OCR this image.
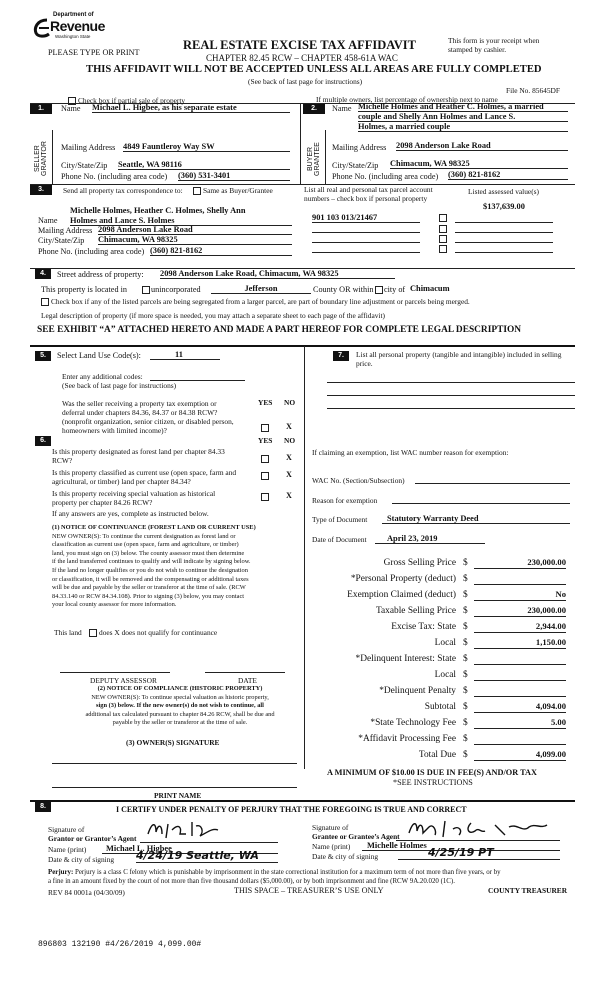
Department of
Revenue
Washington State
PLEASE TYPE OR PRINT
REAL ESTATE EXCISE TAX AFFIDAVIT
CHAPTER 82.45 RCW – CHAPTER 458-61A WAC
This form is your receipt when stamped by cashier.
THIS AFFIDAVIT WILL NOT BE ACCEPTED UNLESS ALL AREAS ARE FULLY COMPLETED
(See back of last page for instructions)
File No. 85645DF
Check box if partial sale of property	If multiple owners, list percentage of ownership next to name
1.
SELLER GRANTOR
Name Michael L. Higbee, as his separate estate
Mailing Address 4849 Fauntleroy Way SW
City/State/Zip Seattle, WA 98116
Phone No. (including area code) (360) 531-3401
2.
BUYER GRANTEE
Name Michelle Holmes and Heather C. Holmes, a married
couple and Shelly Ann Holmes and Lance S.
Holmes, a married couple
Mailing Address 2098 Anderson Lake Road
City/State/Zip Chimacum, WA 98325
Phone No. (including area code) (360) 821-8162
3.	Send all property tax correspondence to:	Same as Buyer/Grantee
Michelle Holmes, Heather C. Holmes, Shelly Ann
Name Holmes and Lance S. Holmes
Mailing Address 2098 Anderson Lake Road
City/State/Zip Chimacum, WA 98325
Phone No. (including area code) (360) 821-8162
List all real and personal tax parcel account numbers – check box if personal property
Listed assessed value(s)
$137,639.00
901 103 013/21467
4.	Street address of property: 2098 Anderson Lake Road, Chimacum, WA 98325
This property is located in	unincorporated	Jefferson	County OR within city of Chimacum
Check box if any of the listed parcels are being segregated from a larger parcel, are part of boundary line adjustment or parcels being merged.
Legal description of property (if more space is needed, you may attach a separate sheet to each page of the affidavit)
SEE EXHIBIT “A” ATTACHED HERETO AND MADE A PART HEREOF FOR COMPLETE LEGAL DESCRIPTION
5.	Select Land Use Code(s):	11
Enter any additional codes:
(See back of last page for instructions)
YES NO
Was the seller receiving a property tax exemption or
deferral under chapters 84.36, 84.37 or 84.38 RCW?
(nonprofit organization, senior citizen, or disabled person,
homeowners with limited income)?	X
6.	YES NO
Is this property designated as forest land per chapter 84.33
RCW?	X
Is this property classified as current use (open space, farm and
agricultural, or timber) land per chapter 84.34?
X
Is this property receiving special valuation as historical
property per chapter 84.26 RCW?
X
If any answers are yes, complete as instructed below.
(1) NOTICE OF CONTINUANCE (FOREST LAND OR CURRENT USE)
NEW OWNER(S): To continue the current designation as forest land or
classification as current use (open space, farm and agriculture, or timber)
land, you must sign on (3) below. The county assessor must then determine
if the land transferred continues to qualify and will indicate by signing below.
If the land no longer qualifies or you do not wish to continue the designation
or classification, it will be removed and the compensating or additional taxes
will be due and payable by the seller or transferor at the time of sale. (RCW
84.33.140 or RCW 84.34.108). Prior to signing (3) below, you may contact
your local county assessor for more information.
This land does X does not qualify for continuance
DEPUTY ASSESSOR	DATE
(2) NOTICE OF COMPLIANCE (HISTORIC PROPERTY)
NEW OWNER(S): To continue special valuation as historic property,
sign (3) below. If the new owner(s) do not wish to continue, all
additional tax calculated pursuant to chapter 84.26 RCW, shall be due and
payable by the seller or transferor at the time of sale.
(3) OWNER(S) SIGNATURE
PRINT NAME
7.	List all personal property (tangible and intangible) included in selling
price.
If claiming an exemption, list WAC number reason for exemption:
WAC No. (Section/Subsection)
Reason for exemption
Type of Document	Statutory Warranty Deed
Date of Document	April 23, 2019
Gross Selling Price $	230,000.00
*Personal Property (deduct) $
Exemption Claimed (deduct) $	No
Taxable Selling Price $	230,000.00
Excise Tax: State $	2,944.00
Local $	1,150.00
*Delinquent Interest: State $
Local $
*Delinquent Penalty $
Subtotal $	4,094.00
*State Technology Fee $	5.00
*Affidavit Processing Fee $
Total Due $	4,099.00
A MINIMUM OF $10.00 IS DUE IN FEE(S) AND/OR TAX
*SEE INSTRUCTIONS
8.	I CERTIFY UNDER PENALTY OF PERJURY THAT THE FOREGOING IS TRUE AND CORRECT
Signature of
Grantor or Grantor’s Agent
Name (print)	Michael L. Higbee
Date & city of signing 4/24/19 Seattle, WA
Signature of
Grantee or Grantee’s Agent
Name (print)	Michelle Holmes
Date & city of signing	4/25/19 PT
Perjury: Perjury is a class C felony which is punishable by imprisonment in the state correctional institution for a maximum term of not more than five years, or by
a fine in an amount fixed by the court of not more than five thousand dollars ($5,000.00), or by both imprisonment and fine (RCW 9A.20.020 (1C).
REV 84 0001a (04/30/09)	THIS SPACE – TREASURER’S USE ONLY	COUNTY TREASURER
896803 132190 #4/26/2019 4,099.00#
